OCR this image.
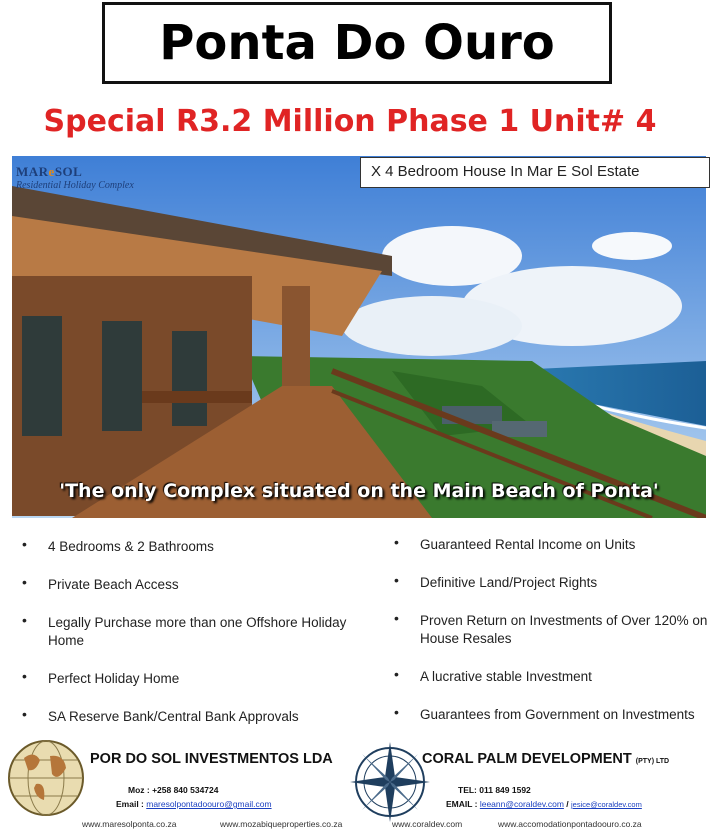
Ponta Do Ouro
Special R3.2 Million Phase 1 Unit# 4
MAReSOL
Residential Holiday Complex
X 4 Bedroom House In Mar E Sol Estate
'The only Complex situated on the Main Beach of Ponta'
• 4 Bedrooms & 2 Bathrooms
• Private Beach Access
• Legally Purchase more than one Offshore Holiday Home
• Perfect Holiday Home
• SA Reserve Bank/Central Bank Approvals
• Guaranteed Rental Income on Units
• Definitive Land/Project Rights
• Proven Return on Investments of Over 120% on House Resales
• A lucrative stable Investment
• Guarantees from Government on Investments
POR DO SOL INVESTMENTOS LDA
Moz : +258 840 534724
Email : maresolpontadoouro@gmail.com
CORAL PALM DEVELOPMENT (PTY) LTD
TEL: 011 849 1592
EMAIL : leeann@coraldev.com / jesice@coraldev.com
www.maresolponta.co.za	www.mozabiqueproperties.co.za	www.coraldev.com	www.accomodationpontadoouro.co.za
